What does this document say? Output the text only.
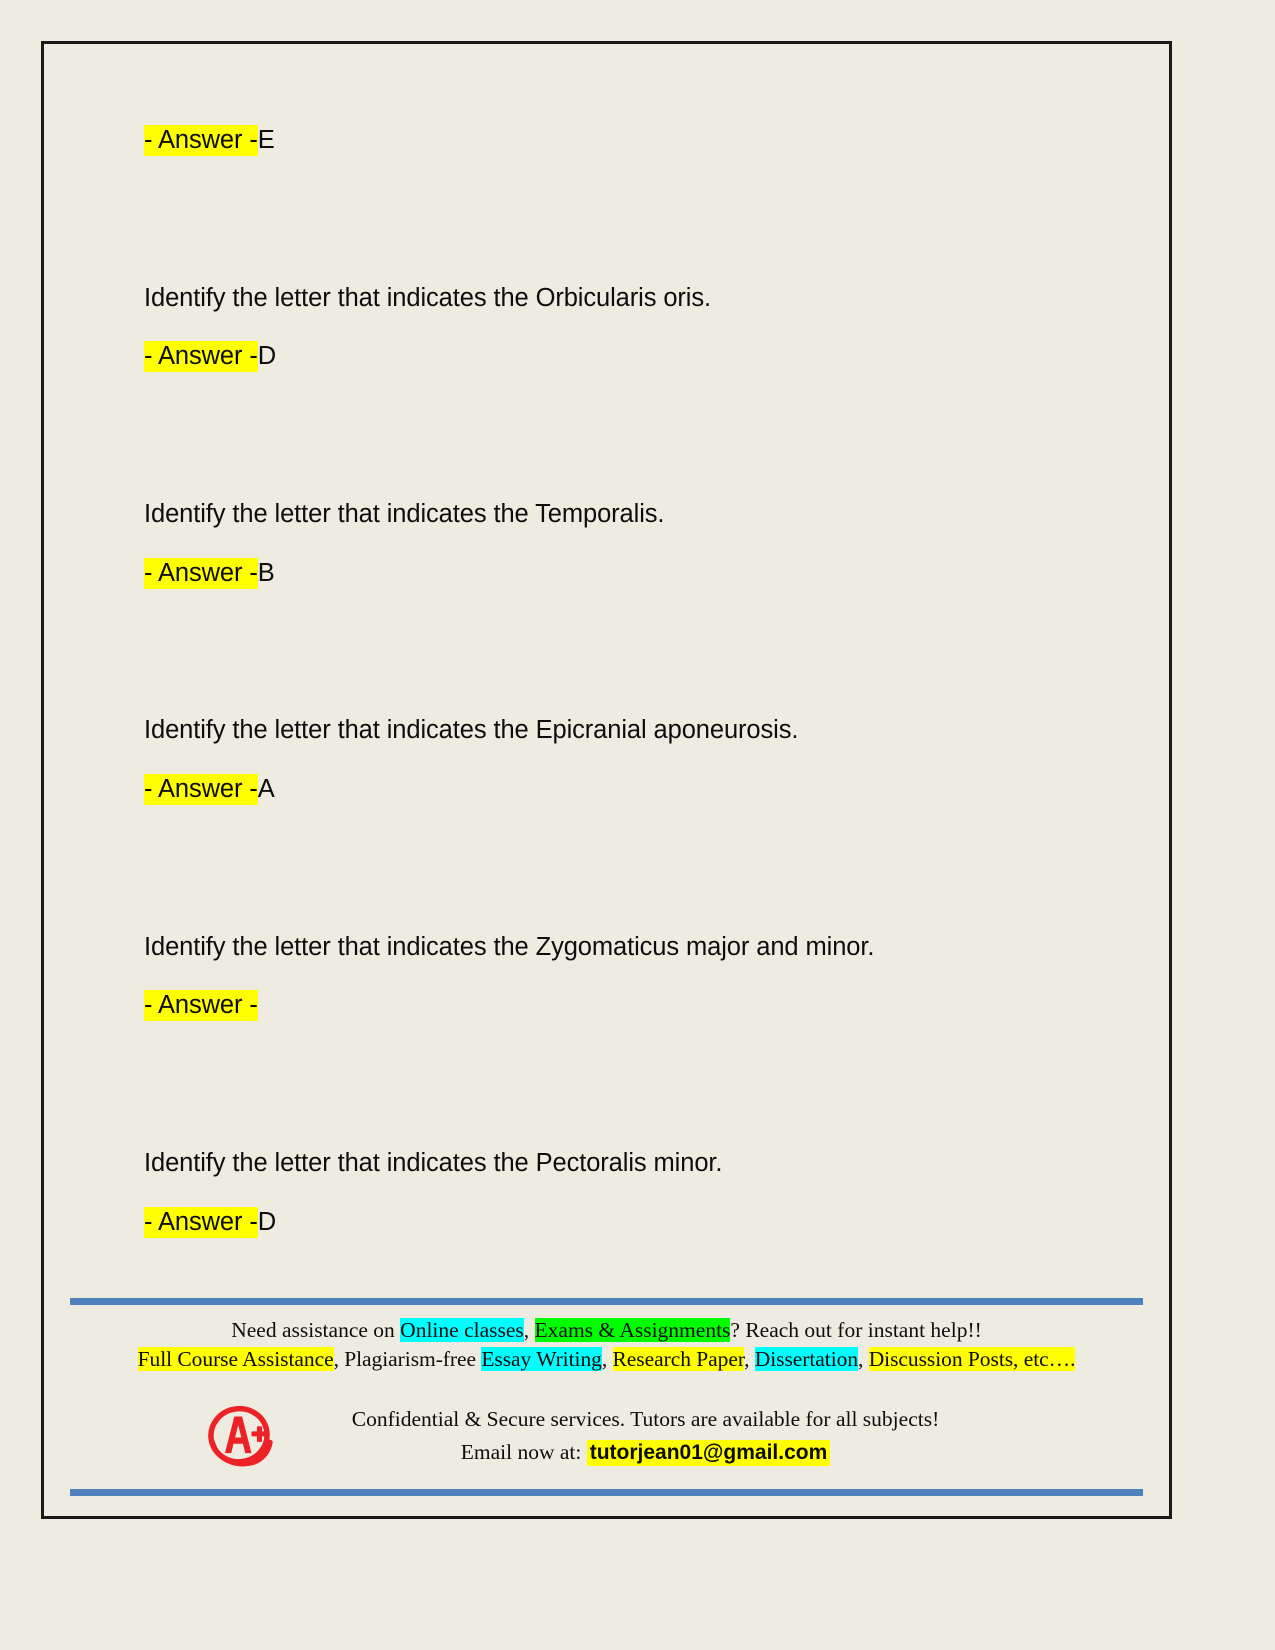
- Answer -E
Identify the letter that indicates the Orbicularis oris.
- Answer -D
Identify the letter that indicates the Temporalis.
- Answer -B
Identify the letter that indicates the Epicranial aponeurosis.
- Answer -A
Identify the letter that indicates the Zygomaticus major and minor.
- Answer -
Identify the letter that indicates the Pectoralis minor.
- Answer -D
Need assistance on Online classes, Exams & Assignments? Reach out for instant help!!
Full Course Assistance, Plagiarism-free Essay Writing, Research Paper, Dissertation, Discussion Posts, etc….
Confidential & Secure services. Tutors are available for all subjects!
Email now at: tutorjean01@gmail.com
